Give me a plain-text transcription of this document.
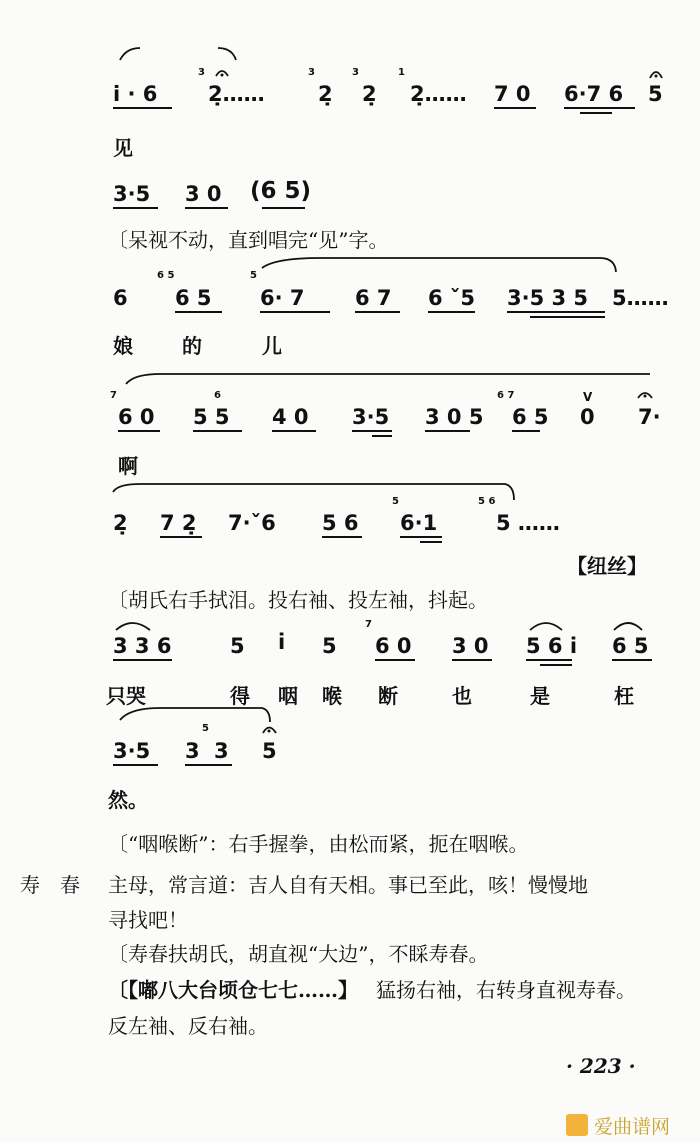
i̇ · 6
3
2̣……
3
2̣
3
2̣
1
2̣…… 7 0 6·7 6 5
见
3·5 3 0 (6 5)
〔呆视不动，直到唱完“见”字。
6
6 5
6 5
5
6· 7 6 7 6 ˇ5 3·5 3 5 5……
娘 的	儿
7
6 0
6
5 5 4 0 3·5 3 0 5
6 7
6 5
V
0 7·
啊
2̣ 7 2̣ 7·ˇ6 5 6
5
6·1
5 6
5 ……
【纽丝】
〔胡氏右手拭泪。投右袖、投左袖，抖起。
3 3 6	5 i 5
7
6 0 3 0 5 6 i 6 5
只哭	得 咽 喉 断	也	是	枉
3·5 3
5
3 5
然。
〔“咽喉断”：右手握拳，由松而紧，扼在咽喉。
寿　春 主母，常言道：吉人自有天相。事已至此，咳！慢慢地
寻找吧！
〔寿春扶胡氏，胡直视“大边”，不睬寿春。
〔【嘟八大台顷仓七七……】 猛扬右袖，右转身直视寿春。
反左袖、反右袖。
· 223 ·
爱曲谱网
